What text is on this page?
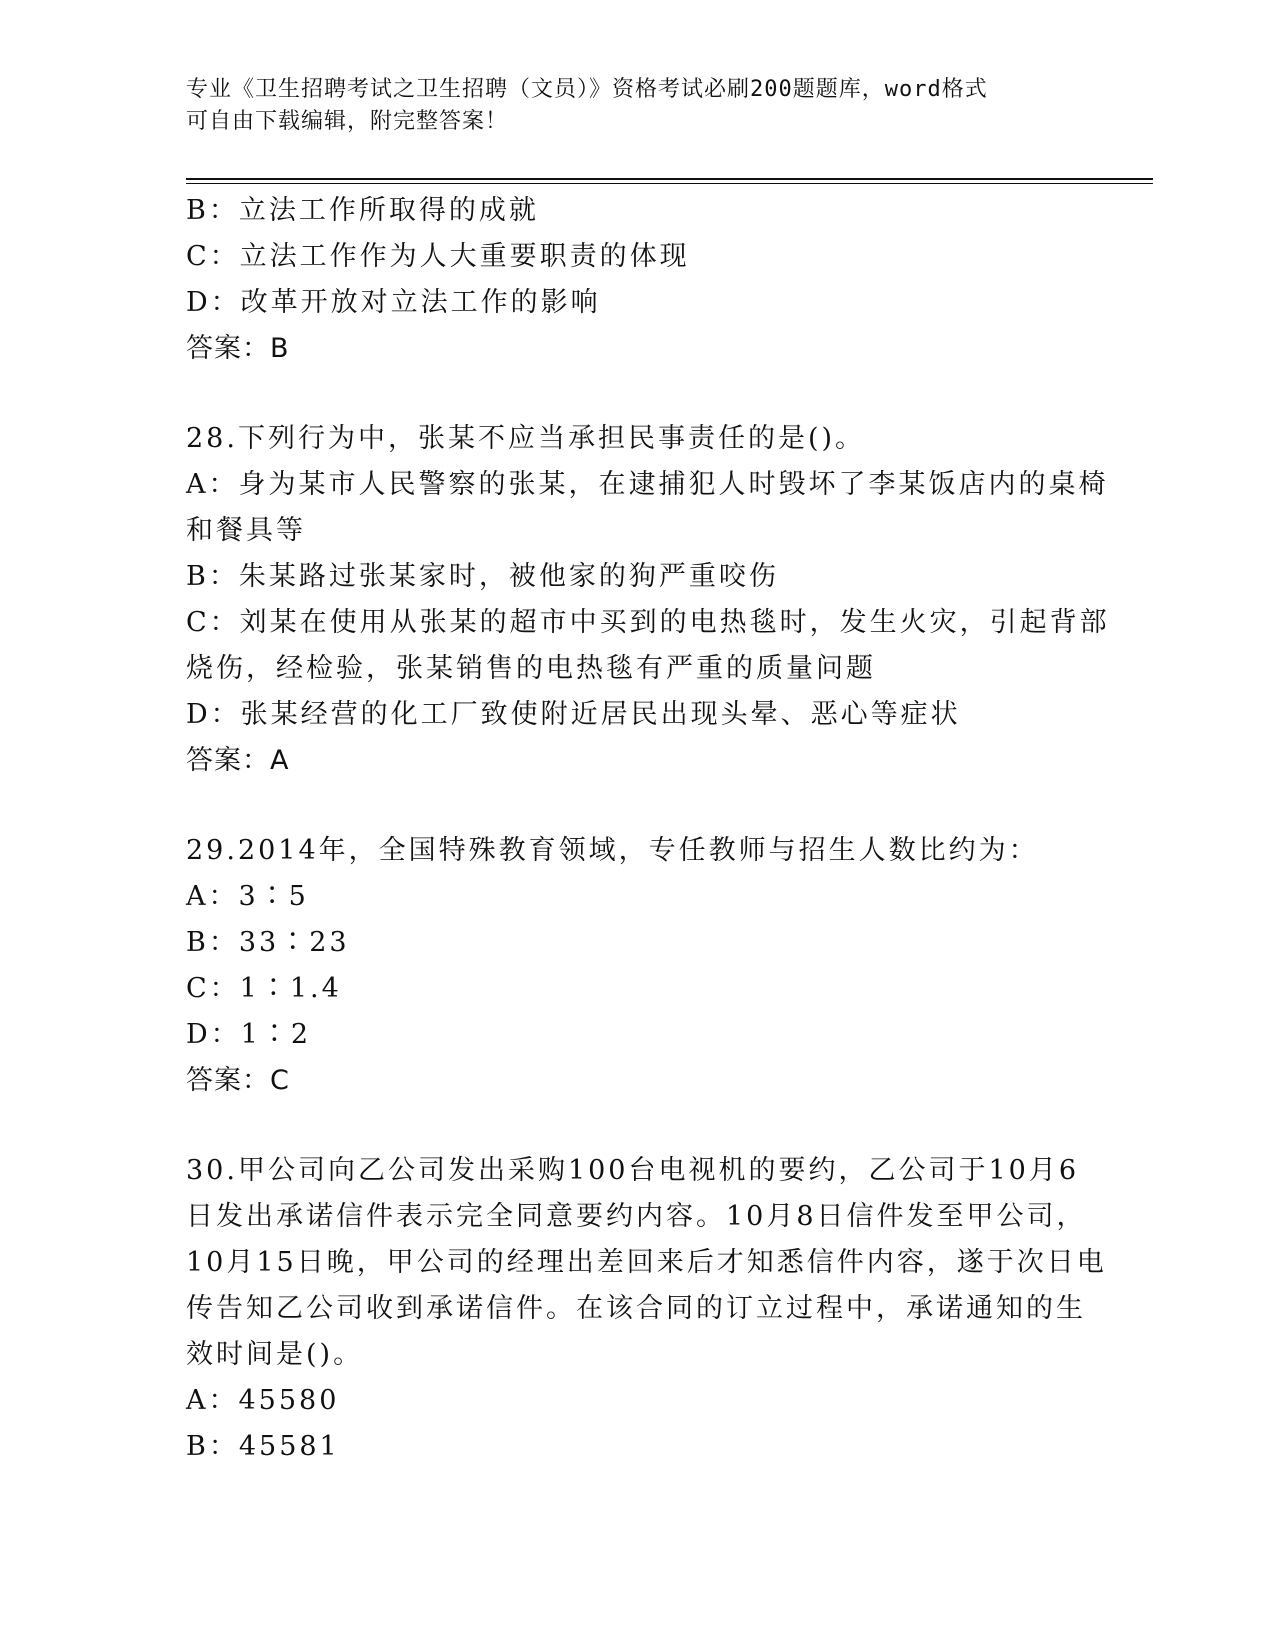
专业《卫生招聘考试之卫生招聘（文员）》资格考试必刷200题题库，word格式
可自由下载编辑，附完整答案！
B：立法工作所取得的成就
C：立法工作作为人大重要职责的体现
D：改革开放对立法工作的影响
答案：B
28.下列行为中，张某不应当承担民事责任的是()。
A：身为某市人民警察的张某，在逮捕犯人时毁坏了李某饭店内的桌椅
和餐具等
B：朱某路过张某家时，被他家的狗严重咬伤
C：刘某在使用从张某的超市中买到的电热毯时，发生火灾，引起背部
烧伤，经检验，张某销售的电热毯有严重的质量问题
D：张某经营的化工厂致使附近居民出现头晕、恶心等症状
答案：A
29.2014年，全国特殊教育领域，专任教师与招生人数比约为：
A：3∶5
B：33∶23
C：1∶1.4
D：1∶2
答案：C
30.甲公司向乙公司发出采购100台电视机的要约，乙公司于10月6
日发出承诺信件表示完全同意要约内容。10月8日信件发至甲公司，
10月15日晚，甲公司的经理出差回来后才知悉信件内容，遂于次日电
传告知乙公司收到承诺信件。在该合同的订立过程中，承诺通知的生
效时间是()。
A：45580
B：45581
